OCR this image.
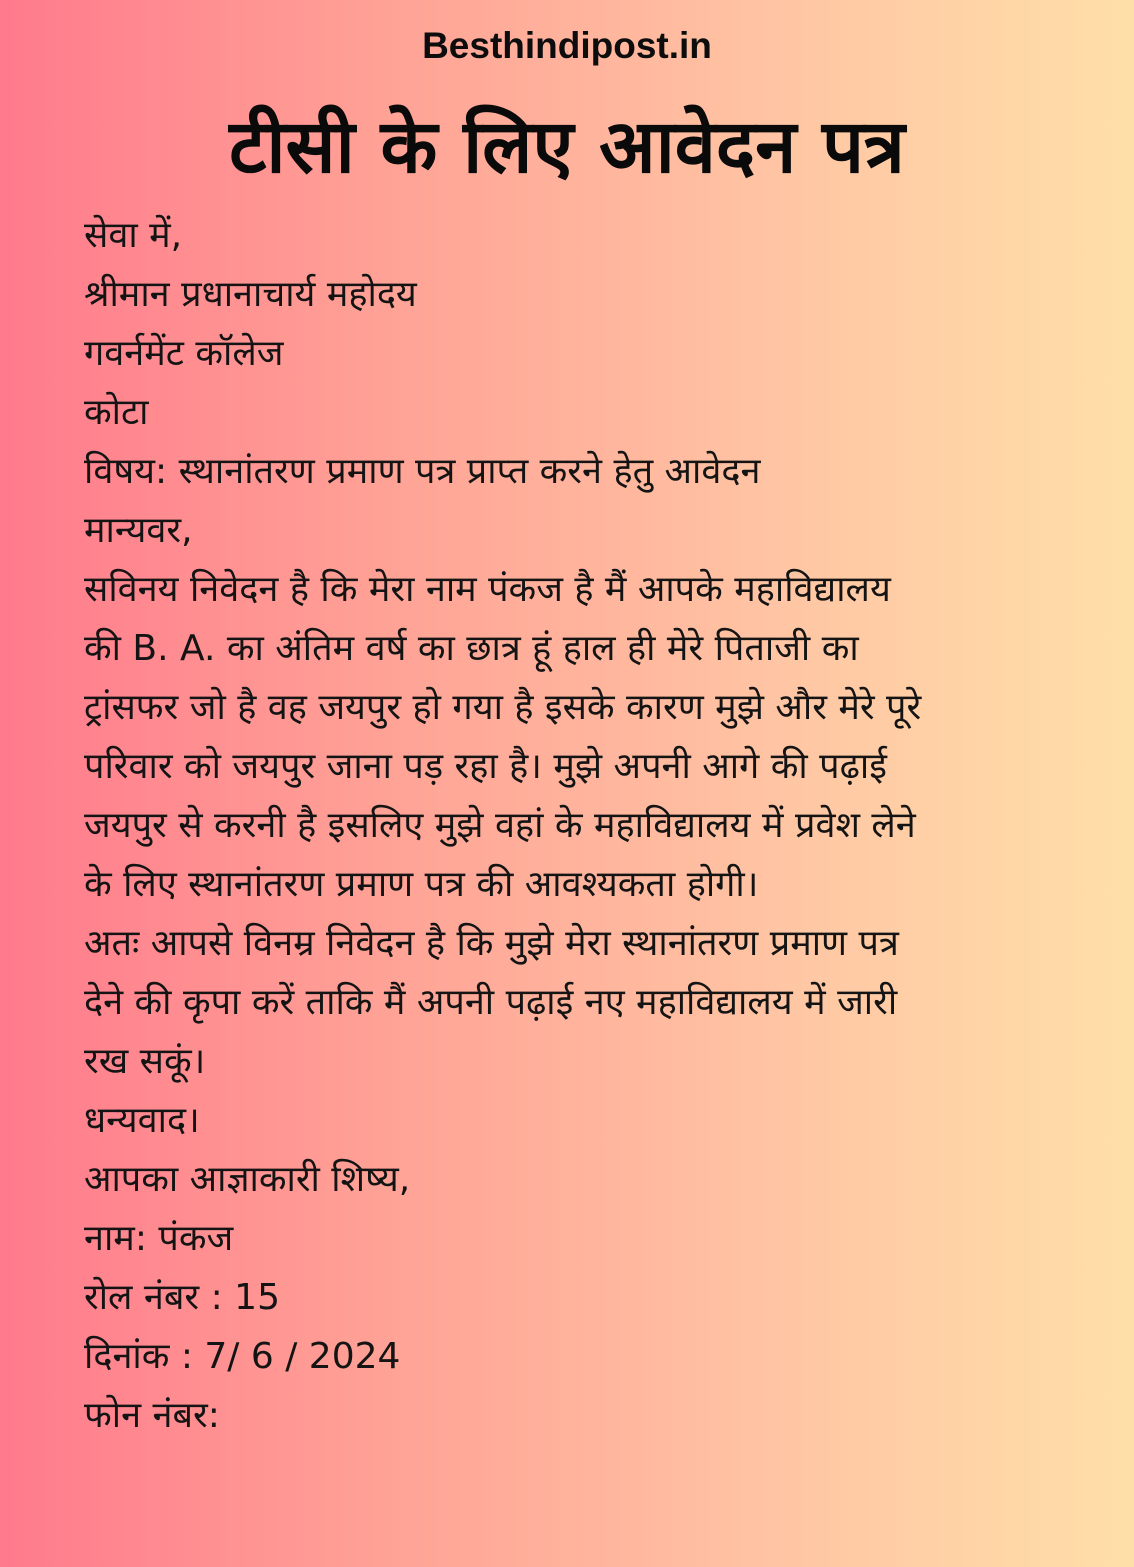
Besthindipost.in
टीसी के लिए आवेदन पत्र
सेवा में,
श्रीमान प्रधानाचार्य महोदय
गवर्नमेंट कॉलेज
कोटा
विषय: स्थानांतरण प्रमाण पत्र प्राप्त करने हेतु आवेदन
मान्यवर,
सविनय निवेदन है कि मेरा नाम पंकज है मैं आपके महाविद्यालय
की B. A. का अंतिम वर्ष का छात्र हूं हाल ही मेरे पिताजी का
ट्रांसफर जो है वह जयपुर हो गया है इसके कारण मुझे और मेरे पूरे
परिवार को जयपुर जाना पड़ रहा है। मुझे अपनी आगे की पढ़ाई
जयपुर से करनी है इसलिए मुझे वहां के महाविद्यालय में प्रवेश लेने
के लिए स्थानांतरण प्रमाण पत्र की आवश्यकता होगी।
अतः आपसे विनम्र निवेदन है कि मुझे मेरा स्थानांतरण प्रमाण पत्र
देने की कृपा करें ताकि मैं अपनी पढ़ाई नए महाविद्यालय में जारी
रख सकूं।
धन्यवाद।
आपका आज्ञाकारी शिष्य,
नाम: पंकज
रोल नंबर : 15
दिनांक : 7/ 6 / 2024
फोन नंबर:
